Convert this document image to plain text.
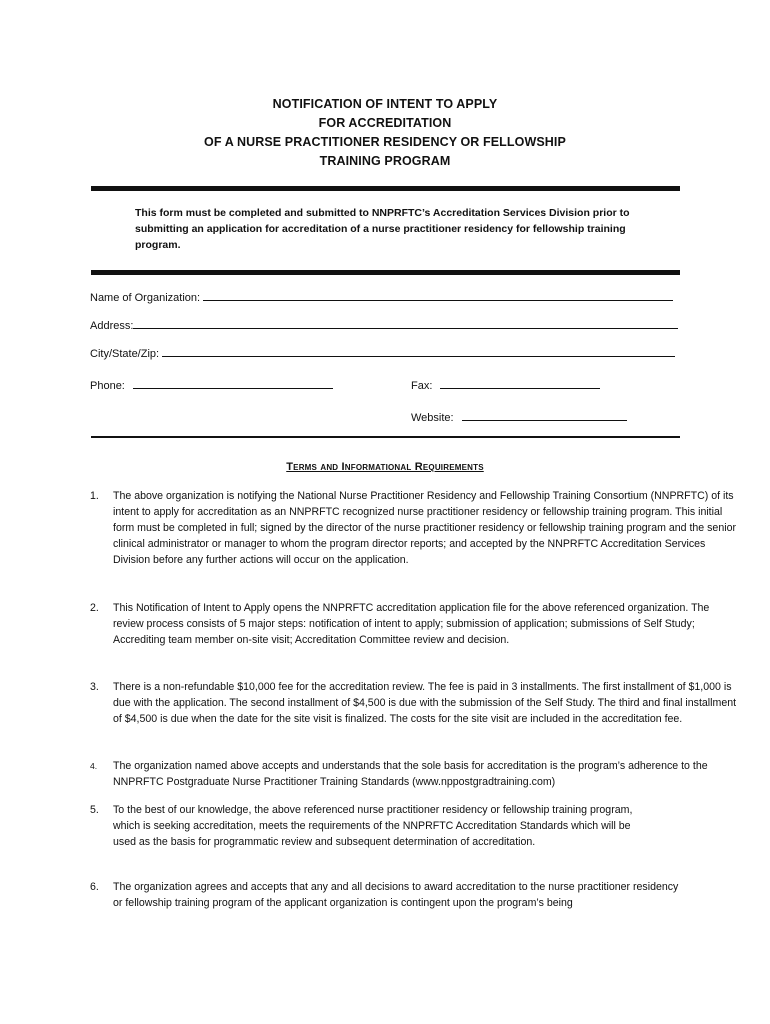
NOTIFICATION OF INTENT TO APPLY
FOR ACCREDITATION
OF A NURSE PRACTITIONER RESIDENCY OR FELLOWSHIP
TRAINING PROGRAM
This form must be completed and submitted to NNPRFTC’s Accreditation Services Division prior to submitting an application for accreditation of a nurse practitioner residency for fellowship training program.
Name of Organization:
Address:
City/State/Zip:
Phone:	Fax:
Website:
Terms and Informational Requirements
1.	The above organization is notifying the National Nurse Practitioner Residency and Fellowship Training Consortium (NNPRFTC) of its intent to apply for accreditation as an NNPRFTC recognized nurse practitioner residency or fellowship training program. This initial form must be completed in full; signed by the director of the nurse practitioner residency or fellowship training program and the senior clinical administrator or manager to whom the program director reports; and accepted by the NNPRFTC Accreditation Services Division before any further actions will occur on the application.
2.	This Notification of Intent to Apply opens the NNPRFTC accreditation application file for the above referenced organization. The review process consists of 5 major steps: notification of intent to apply; submission of application; submissions of Self Study; Accrediting team member on-site visit; Accreditation Committee review and decision.
3.	There is a non-refundable $10,000 fee for the accreditation review. The fee is paid in 3 installments. The first installment of $1,000 is due with the application. The second installment of $4,500 is due with the submission of the Self Study. The third and final installment of $4,500 is due when the date for the site visit is finalized. The costs for the site visit are included in the accreditation fee.
4.	The organization named above accepts and understands that the sole basis for accreditation is the program’s adherence to the NNPRFTC Postgraduate Nurse Practitioner Training Standards (www.nppostgradtraining.com)
5.	To the best of our knowledge, the above referenced nurse practitioner residency or fellowship training program, which is seeking accreditation, meets the requirements of the NNPRFTC Accreditation Standards which will be used as the basis for programmatic review and subsequent determination of accreditation.
6.	The organization agrees and accepts that any and all decisions to award accreditation to the nurse practitioner residency or fellowship training program of the applicant organization is contingent upon the program’s being
